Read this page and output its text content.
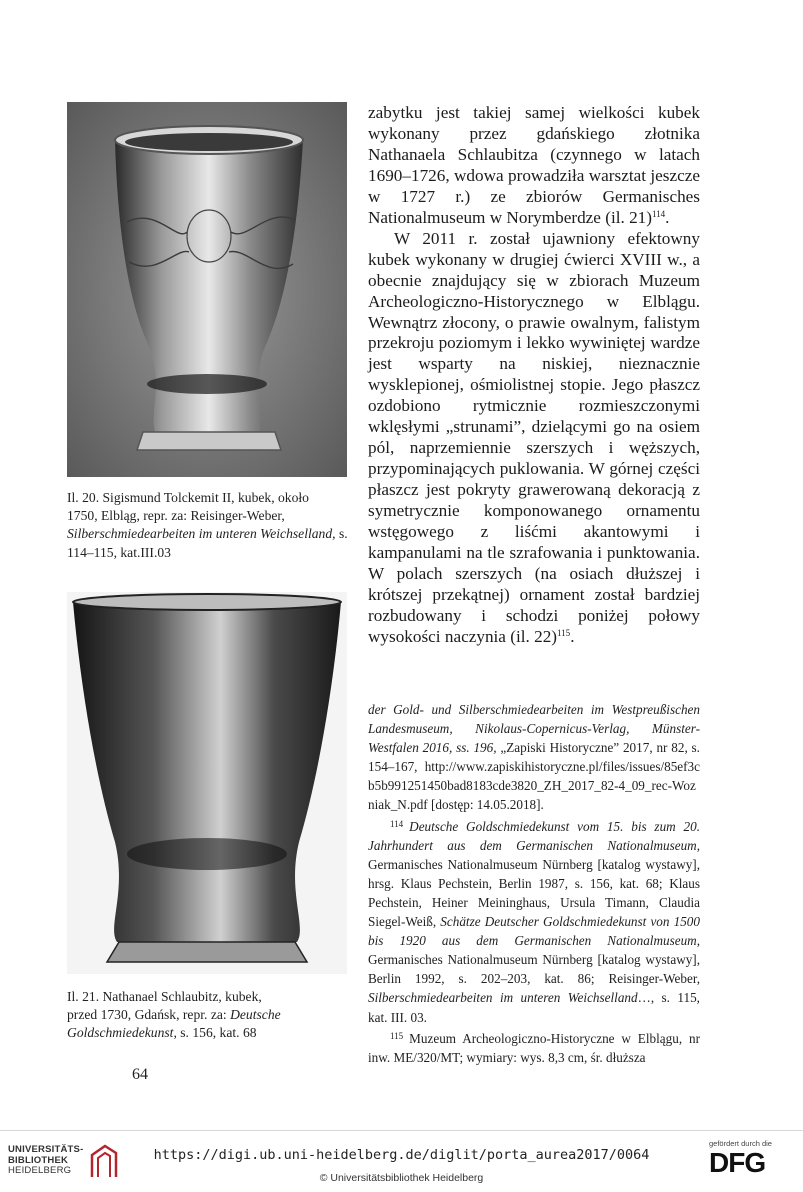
Il. 20. Sigismund Tolckemit II, kubek, około
1750, Elbląg, repr. za: Reisinger-Weber,
Silberschmiedearbeiten im unteren Weichselland, s. 114–115, kat.III.03
Il. 21. Nathanael Schlaubitz, kubek,
przed 1730, Gdańsk, repr. za: Deutsche Goldschmiedekunst, s. 156, kat. 68

zabytku jest takiej samej wielkości kubek wykonany przez gdańskiego złotnika Nathanaela Schlaubitza (czynnego w latach 1690–1726, wdowa prowadziła warsztat jeszcze w 1727 r.) ze zbiorów Germanisches Nationalmuseum w Norymberdze (il. 21)$^{114}$.

W 2011 r. został ujawniony efektowny kubek wykonany w drugiej ćwierci XVIII w., a obecnie znajdujący się w zbiorach Muzeum Archeologiczno-Historycznego w Elblągu. Wewnątrz złocony, o prawie owalnym, falistym przekroju poziomym i lekko wywiniętej wardze jest wsparty na niskiej, nieznacznie wysklepionej, ośmiolistnej stopie. Jego płaszcz ozdobiono rytmicznie rozmieszczonymi wklęsłymi „strunami”, dzielącymi go na osiem pól, naprzemiennie szerszych i węższych, przypominających puklowania. W górnej części płaszcz jest pokryty grawerowaną dekoracją z symetrycznie komponowanego ornamentu wstęgowego z liśćmi akantowymi i kampanulami na tle szrafowania i punktowania. W polach szerszych (na osiach dłuższej i krótszej przekątnej) ornament został bardziej rozbudowany i schodzi poniżej połowy wysokości naczynia (il. 22)$^{115}$.

der Gold- und Silberschmiedearbeiten im Westpreußischen Landesmuseum, Nikolaus-Copernicus-Verlag, Münster-Westfalen 2016, ss. 196, „Zapiski Historyczne” 2017, nr 82, s. 154–167, http://www.zapiskihistoryczne.pl/files/issues/85ef3cb5b991251450bad8183cde3820_ZH_2017_82-4_09_rec-Wozniak_N.pdf [dostęp: 14.05.2018].

$^{114}$ Deutsche Goldschmiedekunst vom 15. bis zum 20. Jahrhundert aus dem Germanischen Nationalmuseum, Germanisches Nationalmuseum Nürnberg [katalog wystawy], hrsg. Klaus Pechstein, Berlin 1987, s. 156, kat. 68; Klaus Pechstein, Heiner Meininghaus, Ursula Timann, Claudia Siegel-Weiß, Schätze Deutscher Goldschmiedekunst von 1500 bis 1920 aus dem Germanischen Nationalmuseum, Germanisches Nationalmuseum Nürnberg [katalog wystawy], Berlin 1992, s. 202–203, kat. 86; Reisinger-Weber, Silberschmiedearbeiten im unteren Weichselland…, s. 115, kat. III. 03.

$^{115}$ Muzeum Archeologiczno-Historyczne w Elblągu, nr inw. ME/320/MT; wymiary: wys. 8,3 cm, śr. dłuższa

64
UNIVERSITÄTS-
BIBLIOTHEK
HEIDELBERG
https://digi.ub.uni-heidelberg.de/diglit/porta_aurea2017/0064
© Universitätsbibliothek Heidelberg
gefördert durch die
DFG
